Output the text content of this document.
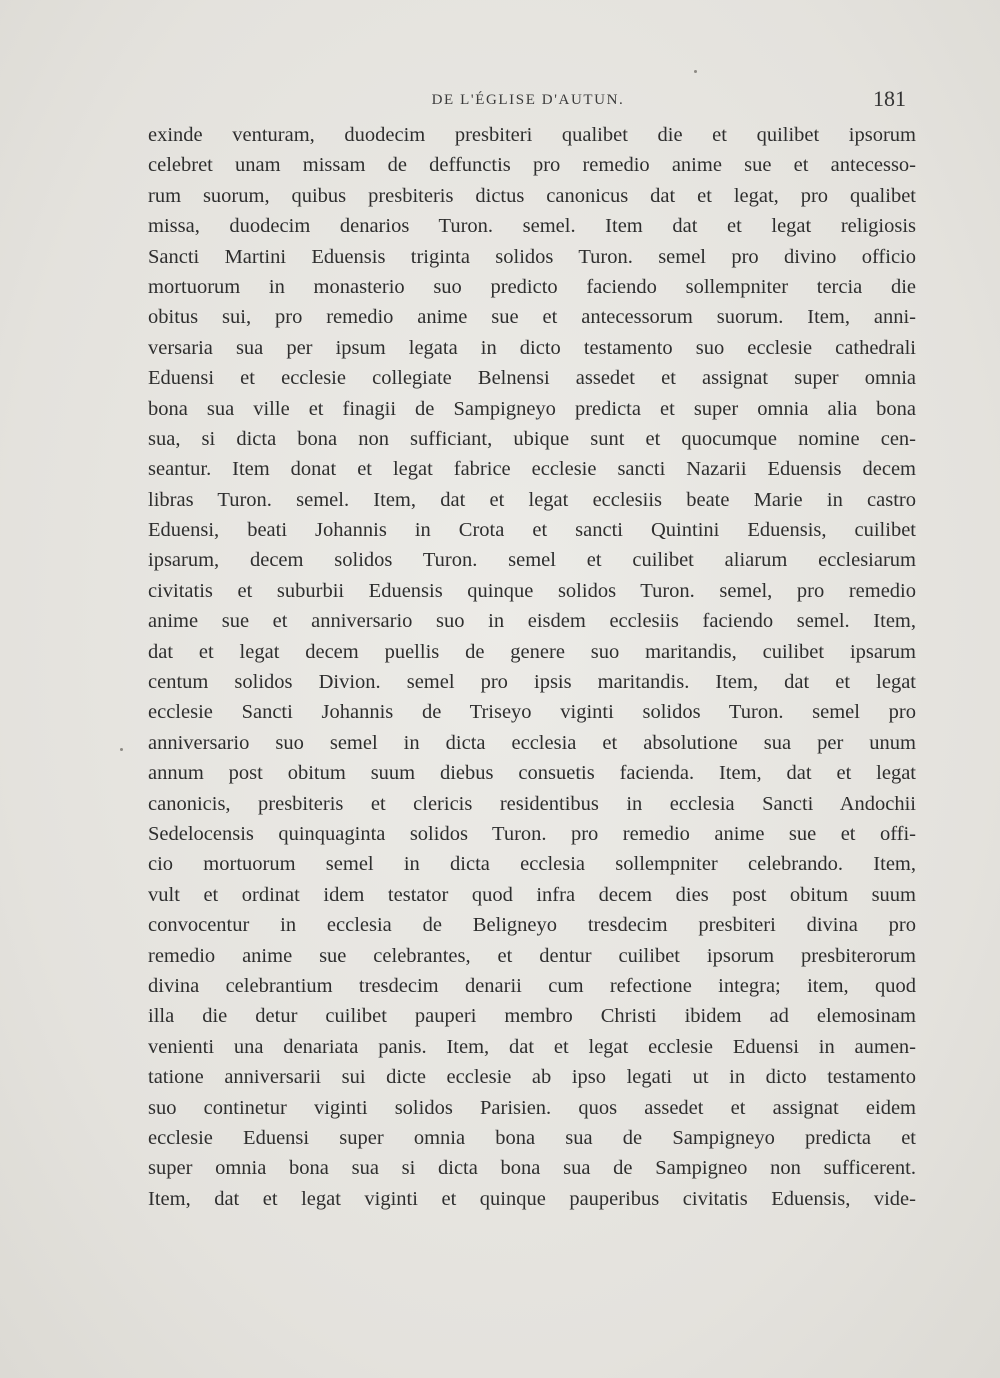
DE L'ÉGLISE D'AUTUN.	181
exinde venturam, duodecim presbiteri qualibet die et quilibet ipsorum
celebret unam missam de deffunctis pro remedio anime sue et antecesso-
rum suorum, quibus presbiteris dictus canonicus dat et legat, pro qualibet
missa, duodecim denarios Turon. semel. Item dat et legat religiosis
Sancti Martini Eduensis triginta solidos Turon. semel pro divino officio
mortuorum in monasterio suo predicto faciendo sollempniter tercia die
obitus sui, pro remedio anime sue et antecessorum suorum. Item, anni-
versaria sua per ipsum legata in dicto testamento suo ecclesie cathedrali
Eduensi et ecclesie collegiate Belnensi assedet et assignat super omnia
bona sua ville et finagii de Sampigneyo predicta et super omnia alia bona
sua, si dicta bona non sufficiant, ubique sunt et quocumque nomine cen-
seantur. Item donat et legat fabrice ecclesie sancti Nazarii Eduensis decem
libras Turon. semel. Item, dat et legat ecclesiis beate Marie in castro
Eduensi, beati Johannis in Crota et sancti Quintini Eduensis, cuilibet
ipsarum, decem solidos Turon. semel et cuilibet aliarum ecclesiarum
civitatis et suburbii Eduensis quinque solidos Turon. semel, pro remedio
anime sue et anniversario suo in eisdem ecclesiis faciendo semel. Item,
dat et legat decem puellis de genere suo maritandis, cuilibet ipsarum
centum solidos Divion. semel pro ipsis maritandis. Item, dat et legat
ecclesie Sancti Johannis de Triseyo viginti solidos Turon. semel pro
anniversario suo semel in dicta ecclesia et absolutione sua per unum
annum post obitum suum diebus consuetis facienda. Item, dat et legat
canonicis, presbiteris et clericis residentibus in ecclesia Sancti Andochii
Sedelocensis quinquaginta solidos Turon. pro remedio anime sue et offi-
cio mortuorum semel in dicta ecclesia sollempniter celebrando. Item,
vult et ordinat idem testator quod infra decem dies post obitum suum
convocentur in ecclesia de Beligneyo tresdecim presbiteri divina pro
remedio anime sue celebrantes, et dentur cuilibet ipsorum presbiterorum
divina celebrantium tresdecim denarii cum refectione integra; item, quod
illa die detur cuilibet pauperi membro Christi ibidem ad elemosinam
venienti una denariata panis. Item, dat et legat ecclesie Eduensi in aumen-
tatione anniversarii sui dicte ecclesie ab ipso legati ut in dicto testamento
suo continetur viginti solidos Parisien. quos assedet et assignat eidem
ecclesie Eduensi super omnia bona sua de Sampigneyo predicta et
super omnia bona sua si dicta bona sua de Sampigneo non sufficerent.
Item, dat et legat viginti et quinque pauperibus civitatis Eduensis, vide-
